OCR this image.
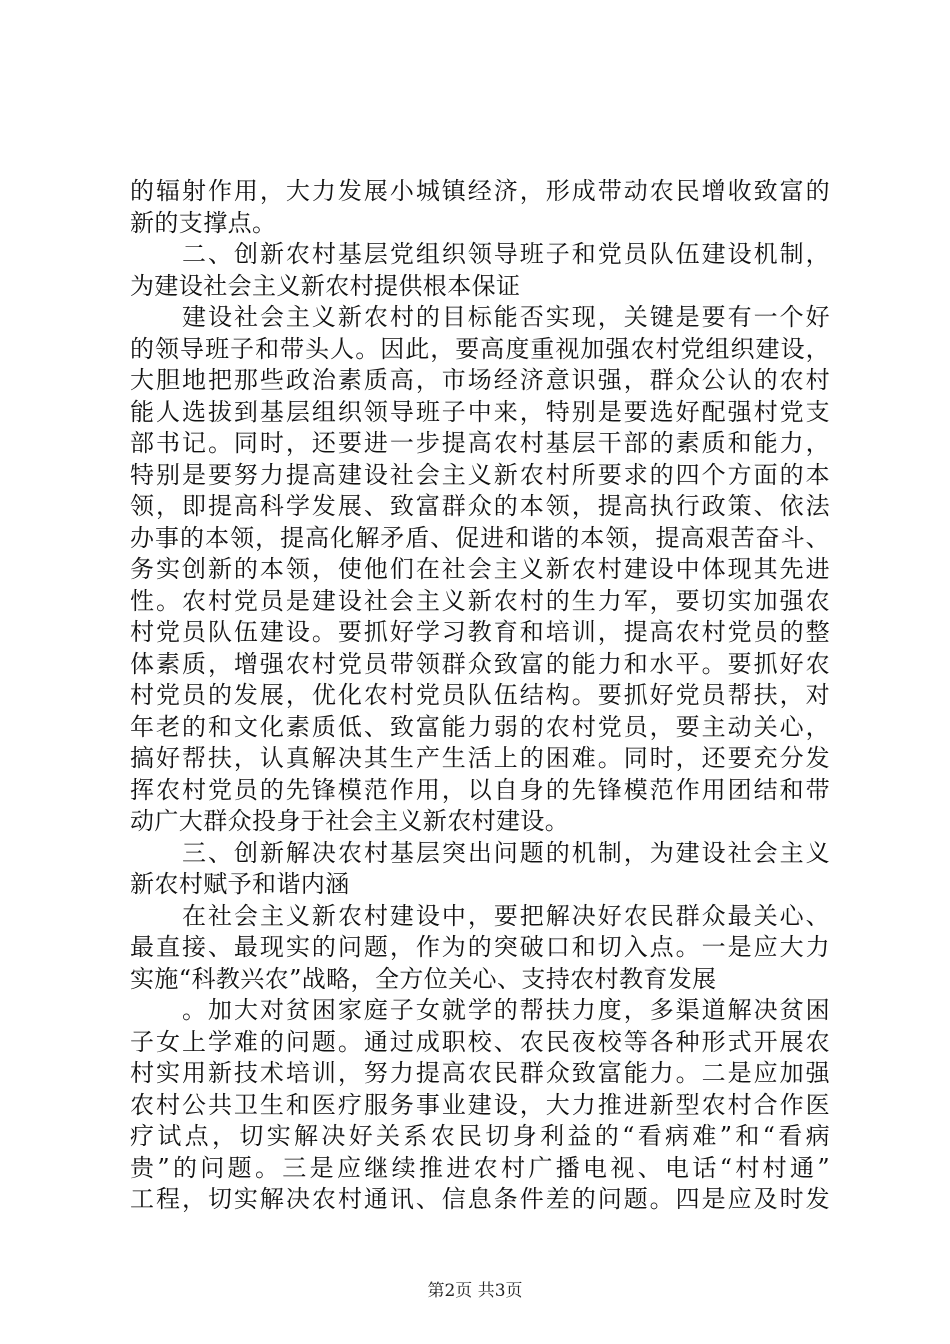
的辐射作用，大力发展小城镇经济，形成带动农民增收致富的
新的支撑点。
二、创新农村基层党组织领导班子和党员队伍建设机制，
为建设社会主义新农村提供根本保证
建设社会主义新农村的目标能否实现，关键是要有一个好
的领导班子和带头人。因此，要高度重视加强农村党组织建设，
大胆地把那些政治素质高，市场经济意识强，群众公认的农村
能人选拔到基层组织领导班子中来，特别是要选好配强村党支
部书记。同时，还要进一步提高农村基层干部的素质和能力，
特别是要努力提高建设社会主义新农村所要求的四个方面的本
领，即提高科学发展、致富群众的本领，提高执行政策、依法
办事的本领，提高化解矛盾、促进和谐的本领，提高艰苦奋斗、
务实创新的本领，使他们在社会主义新农村建设中体现其先进
性。农村党员是建设社会主义新农村的生力军，要切实加强农
村党员队伍建设。要抓好学习教育和培训，提高农村党员的整
体素质，增强农村党员带领群众致富的能力和水平。要抓好农
村党员的发展，优化农村党员队伍结构。要抓好党员帮扶，对
年老的和文化素质低、致富能力弱的农村党员，要主动关心，
搞好帮扶，认真解决其生产生活上的困难。同时，还要充分发
挥农村党员的先锋模范作用，以自身的先锋模范作用团结和带
动广大群众投身于社会主义新农村建设。
三、创新解决农村基层突出问题的机制，为建设社会主义
新农村赋予和谐内涵
在社会主义新农村建设中，要把解决好农民群众最关心、
最直接、最现实的问题，作为的突破口和切入点。一是应大力
实施“科教兴农”战略，全方位关心、支持农村教育发展
。加大对贫困家庭子女就学的帮扶力度，多渠道解决贫困
子女上学难的问题。通过成职校、农民夜校等各种形式开展农
村实用新技术培训，努力提高农民群众致富能力。二是应加强
农村公共卫生和医疗服务事业建设，大力推进新型农村合作医
疗试点，切实解决好关系农民切身利益的“看病难”和“看病
贵”的问题。三是应继续推进农村广播电视、电话“村村通”
工程，切实解决农村通讯、信息条件差的问题。四是应及时发
第2页 共3页
